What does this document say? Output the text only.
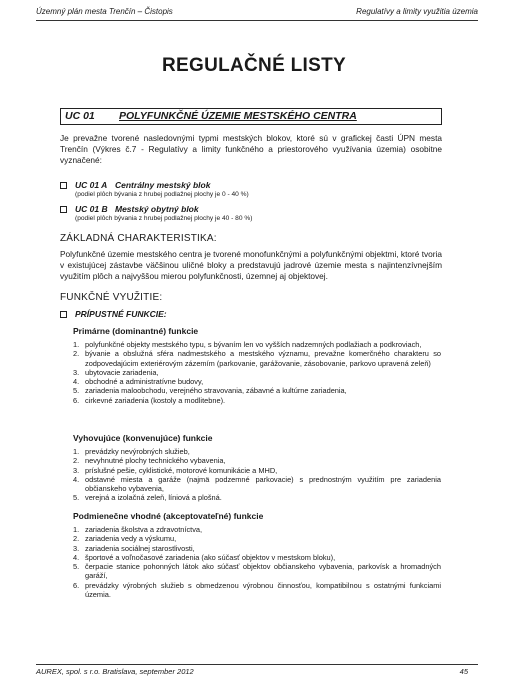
Územný plán mesta Trenčín – Čistopis	Regulatívy a limity využitia územia
REGULAČNÉ LISTY
UC 01 POLYFUNKČNÉ ÚZEMIE MESTSKÉHO CENTRA
Je prevažne tvorené nasledovnými typmi mestských blokov, ktoré sú v grafickej časti ÚPN mesta Trenčín (Výkres č.7 - Regulatívy a limity funkčného a priestorového využívania územia) osobitne vyznačené:
UC 01 A Centrálny mestský blok
(podiel plôch bývania z hrubej podlažnej plochy je 0 - 40 %)
UC 01 B Mestský obytný blok
(podiel plôch bývania z hrubej podlažnej plochy je 40 - 80 %)
ZÁKLADNÁ CHARAKTERISTIKA:
Polyfunkčné územie mestského centra je tvorené monofunkčnými a polyfunkčnými objektmi, ktoré tvoria v existujúcej zástavbe väčšinou uličné bloky a predstavujú jadrové územie mesta s najintenzívnejším využitím plôch a najvyššou mierou polyfunkčnosti, územnej aj objektovej.
FUNKČNÉ VYUŽITIE:
PRÍPUSTNÉ FUNKCIE:
Primárne (dominantné) funkcie
1. polyfunkčné objekty mestského typu, s bývaním len vo vyšších nadzemných podlažiach a podkroviach,
2. bývanie a obslužná sféra nadmestského a mestského významu, prevažne komerčného charakteru so zodpovedajúcim exteriérovým zázemím (parkovanie, garážovanie, zásobovanie, parkovo upravená zeleň)
3. ubytovacie zariadenia,
4. obchodné a administratívne budovy,
5. zariadenia maloobchodu, verejného stravovania, zábavné a kultúrne zariadenia,
6. cirkevné zariadenia (kostoly a modlitebne).
Vyhovujúce (konvenujúce) funkcie
1. prevádzky nevýrobných služieb,
2. nevyhnutné plochy technického vybavenia,
3. príslušné pešie, cyklistické, motorové komunikácie a MHD,
4. odstavné miesta a garáže (najmä podzemné parkovacie) s prednostným využitím pre zariadenia občianskeho vybavenia,
5. verejná a izolačná zeleň, líniová a plošná.
Podmienečne vhodné (akceptovateľné) funkcie
1. zariadenia školstva a zdravotníctva,
2. zariadenia vedy a výskumu,
3. zariadenia sociálnej starostlivosti,
4. športové a voľnočasové zariadenia (ako súčasť objektov v mestskom bloku),
5. čerpacie stanice pohonných látok ako súčasť objektov občianskeho vybavenia, parkovísk a hromadných garáží,
6. prevádzky výrobných služieb s obmedzenou výrobnou činnosťou, kompatibilnou s ostatnými funkciami územia.
AUREX, spol. s r.o. Bratislava, september 2012	45
